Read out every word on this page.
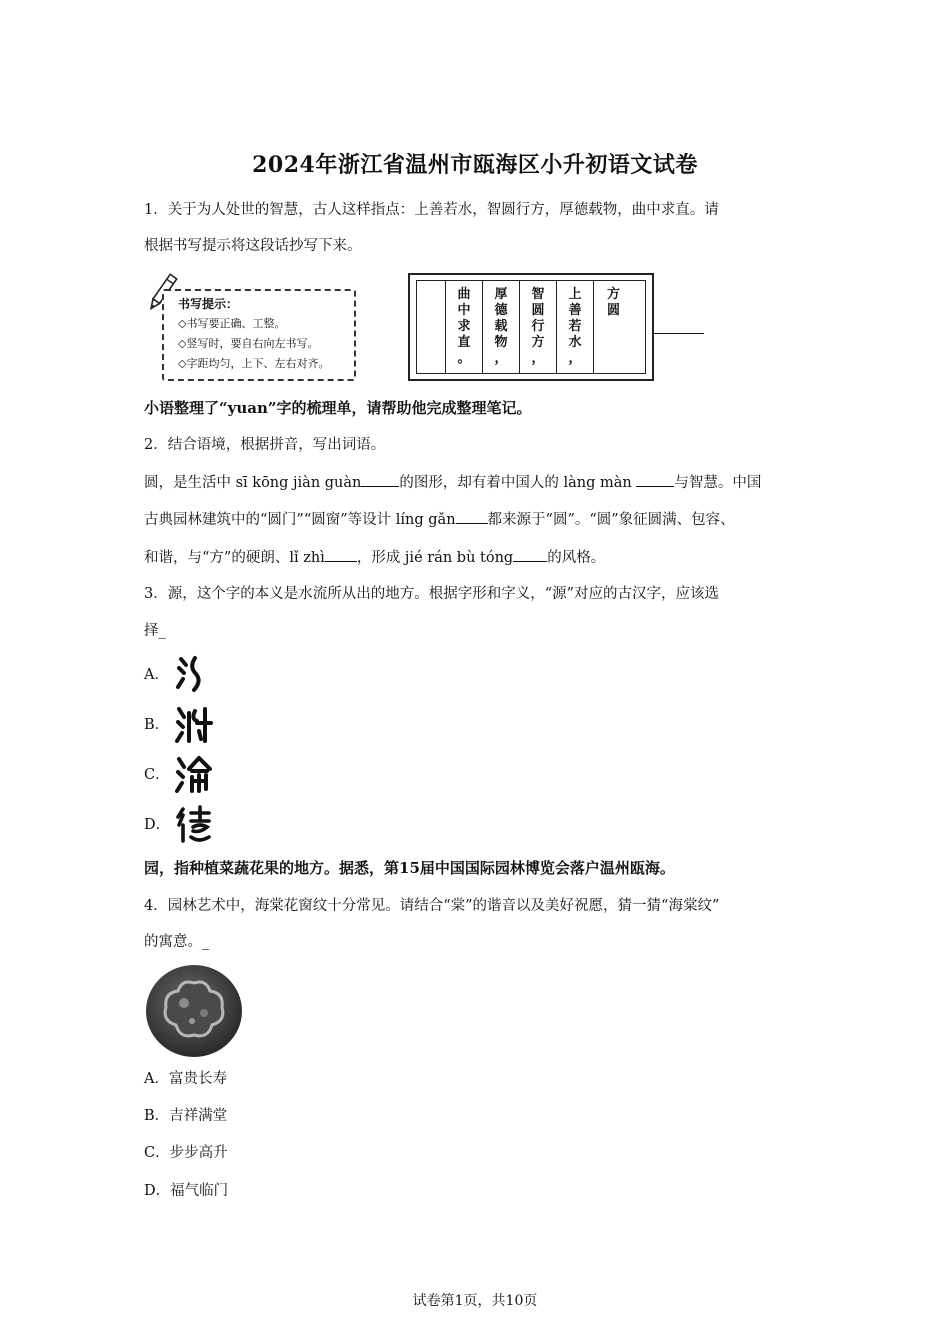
2024年浙江省温州市瓯海区小升初语文试卷
1．关于为人处世的智慧，古人这样指点：上善若水，智圆行方，厚德载物，曲中求直。请
根据书写提示将这段话抄写下来。
书写提示：
◇书写要正确、工整。
◇竖写时，要自右向左书写。
◇字距均匀，上下、左右对齐。
曲
中
求
直
。
厚
德
载
物
，
智
圆
行
方
，
上
善
若
水
，
方
圆
小语整理了“yuan”字的梳理单，请帮助他完成整理笔记。
2．结合语境，根据拼音，写出词语。
圆，是生活中 sī kōng jiàn guàn	的图形，却有着中国人的 làng màn	与智慧。中国
古典园林建筑中的“圆门”“圆窗”等设计 líng gǎn 都来源于“圆”。“圆”象征圆满、包容、
和谐，与“方”的硬朗、lǐ zhì ，形成 jié rán bù tóng 的风格。
3．源，这个字的本义是水流所从出的地方。根据字形和字义，“源”对应的古汉字，应该选
择_
A．
B．
C．
D．
园，指种植菜蔬花果的地方。据悉，第15届中国国际园林博览会落户温州瓯海。
4．园林艺术中，海棠花窗纹十分常见。请结合“棠”的谐音以及美好祝愿，猜一猜“海棠纹”
的寓意。_
A．富贵长寿
B．吉祥满堂
C．步步高升
D．福气临门
试卷第1页，共10页
